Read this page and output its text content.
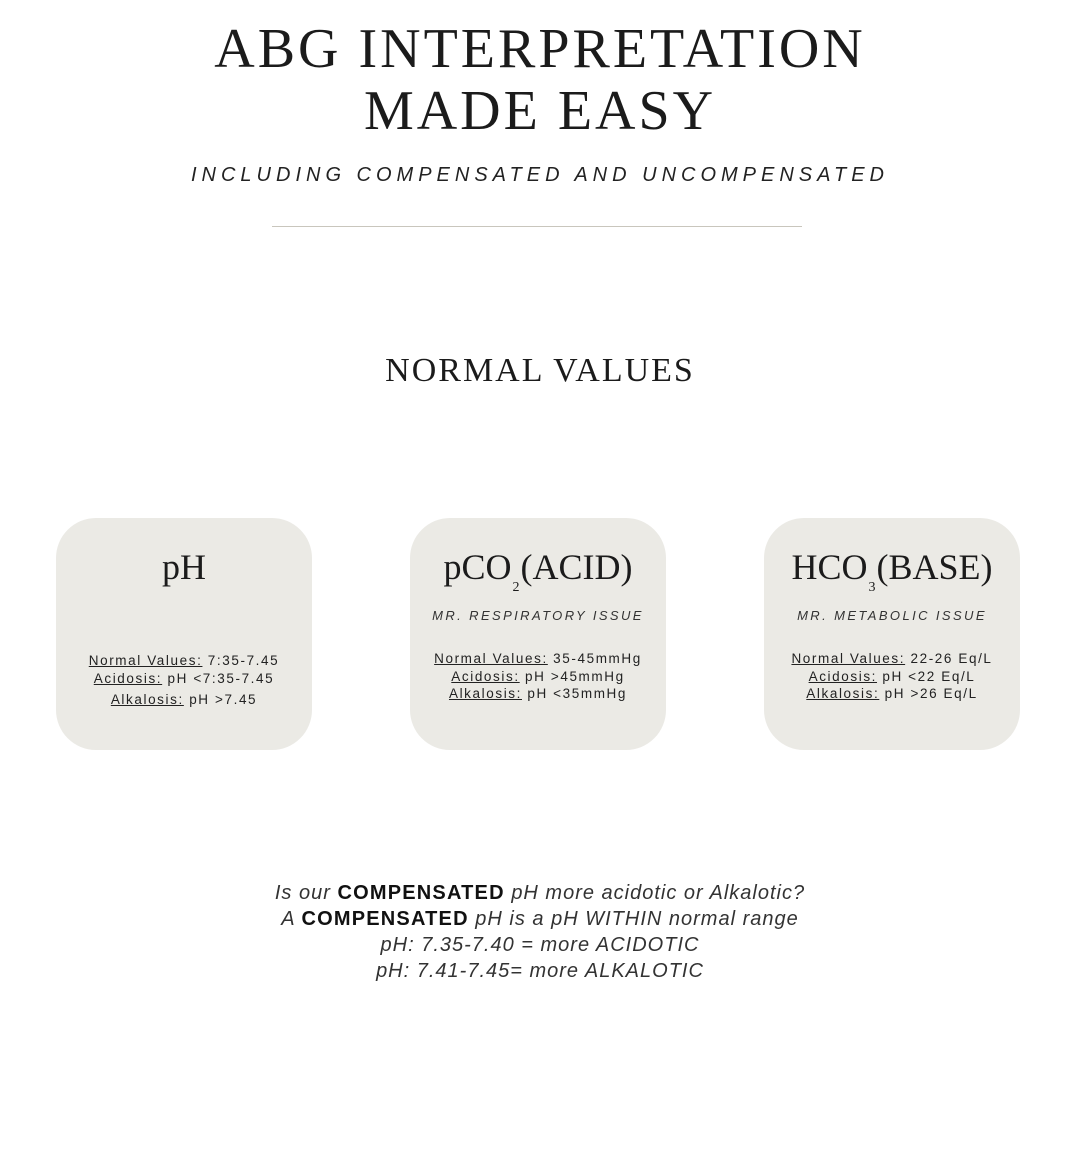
ABG INTERPRETATION
MADE EASY
INCLUDING COMPENSATED AND UNCOMPENSATED
NORMAL VALUES
pH
Normal Values: 7:35-7.45
Acidosis: pH <7:35-7.45
Alkalosis: pH >7.45
pCO$_2$(ACID)
MR. RESPIRATORY ISSUE
Normal Values: 35-45mmHg
Acidosis: pH >45mmHg
Alkalosis: pH <35mmHg
$HCO_3(BASE)$
MR. METABOLIC ISSUE
Normal Values: 22-26 Eq/L
Acidosis: pH <22 Eq/L
Alkalosis: pH >26 Eq/L
Is our COMPENSATED pH more acidotic or Alkalotic?
A COMPENSATED pH is a pH WITHIN normal range
pH: 7.35-7.40 = more ACIDOTIC
pH: 7.41-7.45= more ALKALOTIC
